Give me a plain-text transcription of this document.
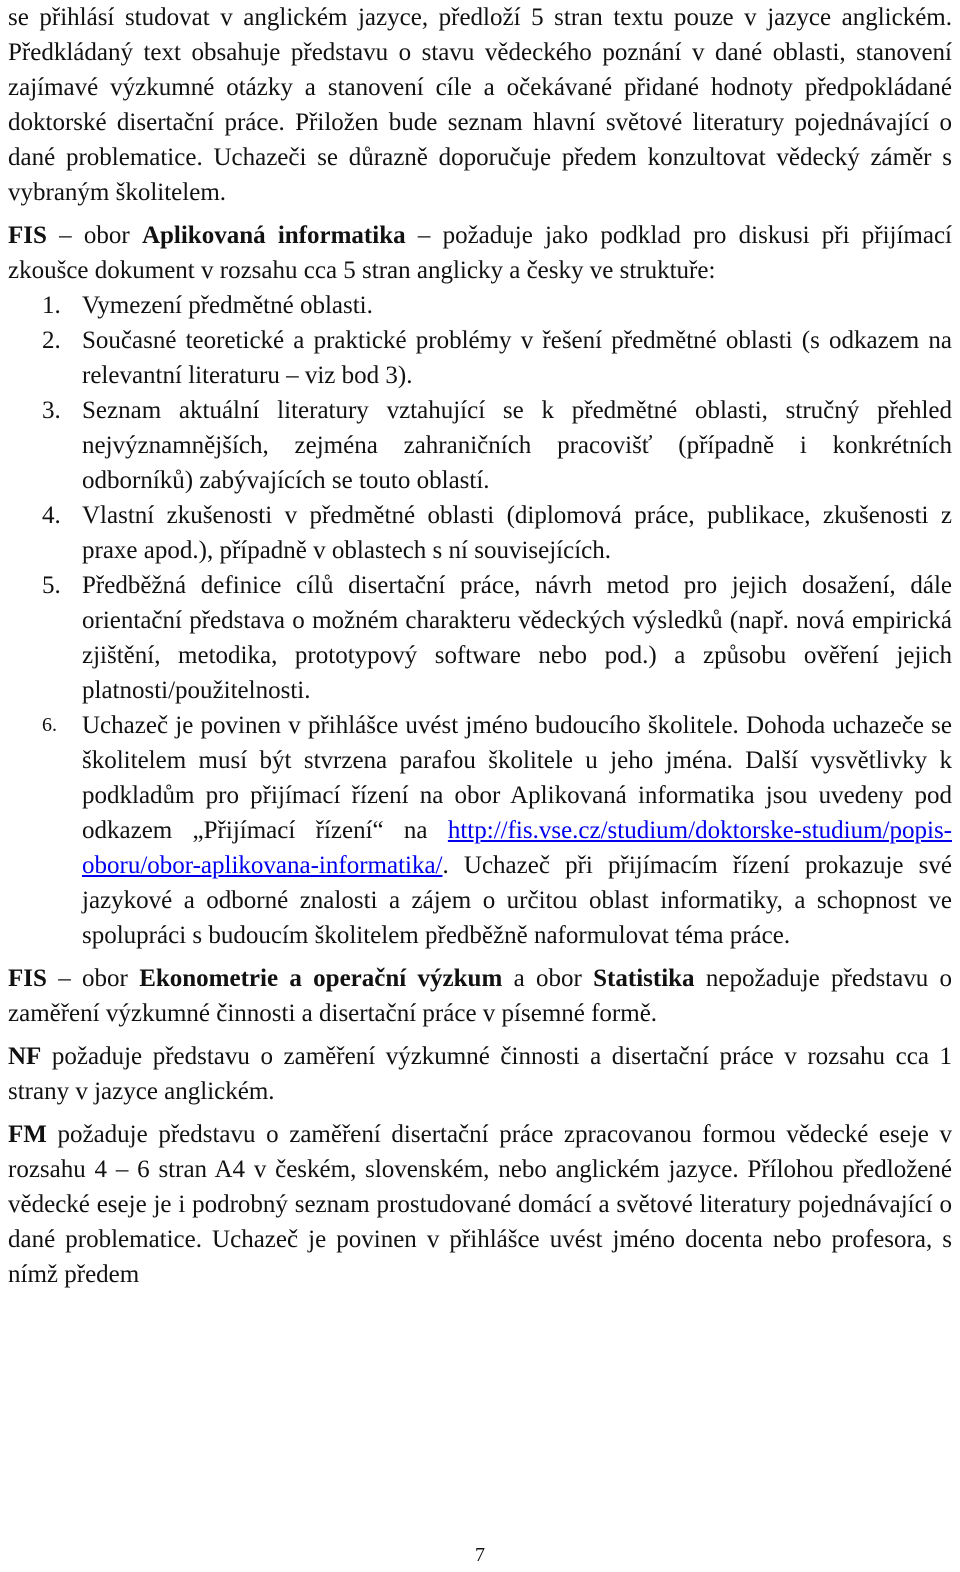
se přihlásí studovat v anglickém jazyce, předloží 5 stran textu pouze v jazyce anglickém. Předkládaný text obsahuje představu o stavu vědeckého poznání v dané oblasti, stanovení zajímavé výzkumné otázky a stanovení cíle a očekávané přidané hodnoty předpokládané doktorské disertační práce. Přiložen bude seznam hlavní světové literatury pojednávající o dané problematice. Uchazeči se důrazně doporučuje předem konzultovat vědecký záměr s vybraným školitelem.

FIS – obor Aplikovaná informatika – požaduje jako podklad pro diskusi při přijímací zkoušce dokument v rozsahu cca 5 stran anglicky a česky ve struktuře:

1. Vymezení předmětné oblasti.
2. Současné teoretické a praktické problémy v řešení předmětné oblasti (s odkazem na relevantní literaturu – viz bod 3).
3. Seznam aktuální literatury vztahující se k předmětné oblasti, stručný přehled nejvýznamnějších, zejména zahraničních pracovišť (případně i konkrétních odborníků) zabývajících se touto oblastí.
4. Vlastní zkušenosti v předmětné oblasti (diplomová práce, publikace, zkušenosti z praxe apod.), případně v oblastech s ní souvisejících.
5. Předběžná definice cílů disertační práce, návrh metod pro jejich dosažení, dále orientační představa o možném charakteru vědeckých výsledků (např. nová empirická zjištění, metodika, prototypový software nebo pod.) a způsobu ověření jejich platnosti/použitelnosti.
6. Uchazeč je povinen v přihlášce uvést jméno budoucího školitele. Dohoda uchazeče se školitelem musí být stvrzena parafou školitele u jeho jména. Další vysvětlivky k podkladům pro přijímací řízení na obor Aplikovaná informatika jsou uvedeny pod odkazem „Přijímací řízení“ na http://fis.vse.cz/studium/doktorske-studium/popis-oboru/obor-aplikovana-informatika/. Uchazeč při přijímacím řízení prokazuje své jazykové a odborné znalosti a zájem o určitou oblast informatiky, a schopnost ve spolupráci s budoucím školitelem předběžně naformulovat téma práce.

FIS – obor Ekonometrie a operační výzkum a obor Statistika nepožaduje představu o zaměření výzkumné činnosti a disertační práce v písemné formě.

NF požaduje představu o zaměření výzkumné činnosti a disertační práce v rozsahu cca 1 strany v jazyce anglickém.

FM požaduje představu o zaměření disertační práce zpracovanou formou vědecké eseje v rozsahu 4 – 6 stran A4 v českém, slovenském, nebo anglickém jazyce. Přílohou předložené vědecké eseje je i podrobný seznam prostudované domácí a světové literatury pojednávající o dané problematice. Uchazeč je povinen v přihlášce uvést jméno docenta nebo profesora, s nímž předem

7
